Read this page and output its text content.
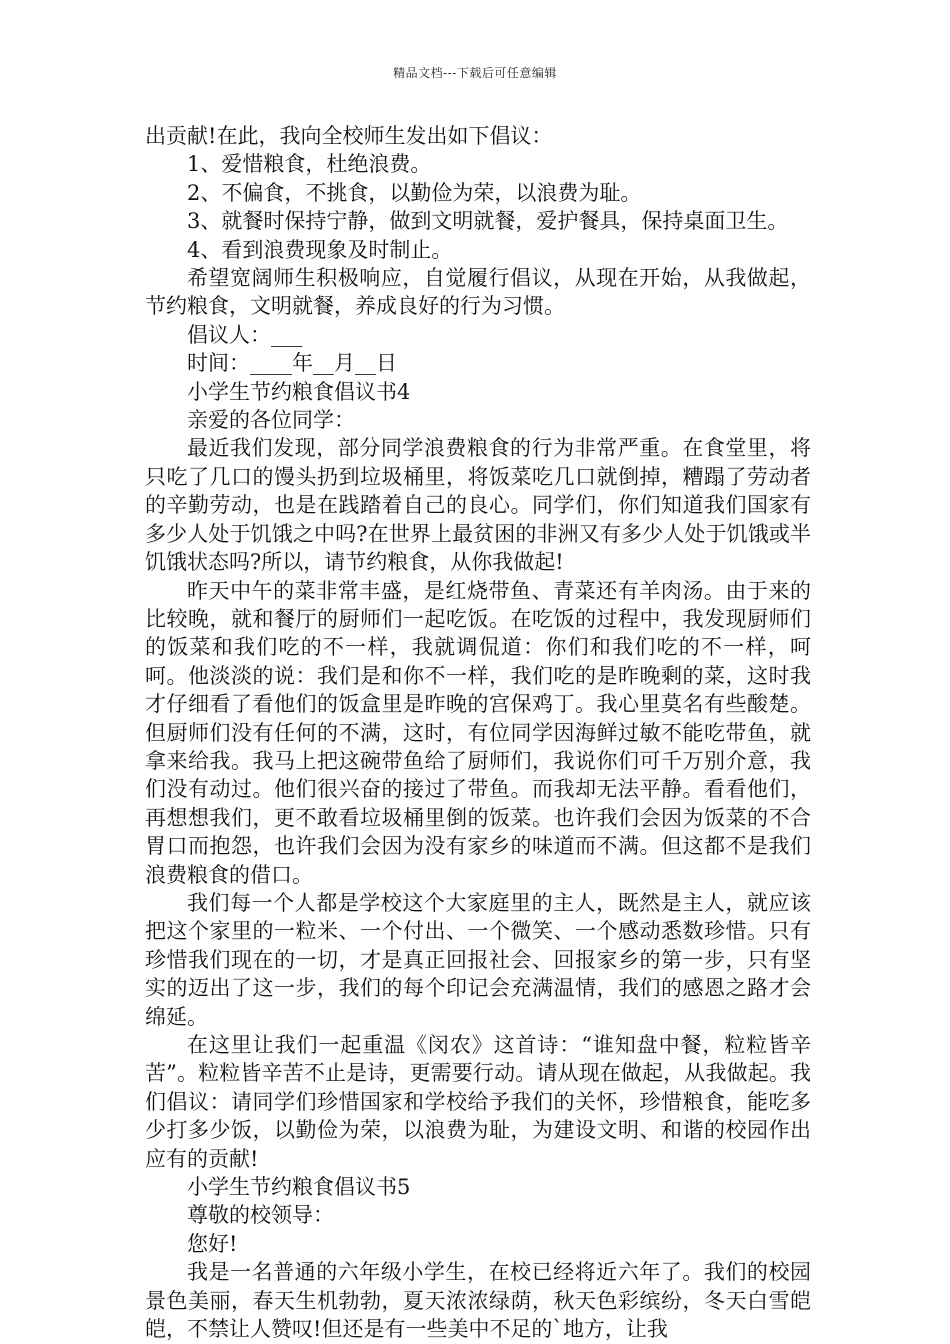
精品文档---下载后可任意编辑

出贡献!在此，我向全校师生发出如下倡议：

1、爱惜粮食，杜绝浪费。

2、不偏食，不挑食，以勤俭为荣，以浪费为耻。

3、就餐时保持宁静，做到文明就餐，爱护餐具，保持桌面卫生。

4、看到浪费现象及时制止。

希望宽阔师生积极响应，自觉履行倡议，从现在开始，从我做起，节约粮食，文明就餐，养成良好的行为习惯。

倡议人：___

时间：____年__月__日

小学生节约粮食倡议书4

亲爱的各位同学：

最近我们发现，部分同学浪费粮食的行为非常严重。在食堂里，将只吃了几口的馒头扔到垃圾桶里，将饭菜吃几口就倒掉，糟蹋了劳动者的辛勤劳动，也是在践踏着自己的良心。同学们，你们知道我们国家有多少人处于饥饿之中吗?在世界上最贫困的非洲又有多少人处于饥饿或半饥饿状态吗?所以，请节约粮食，从你我做起!

昨天中午的菜非常丰盛，是红烧带鱼、青菜还有羊肉汤。由于来的比较晚，就和餐厅的厨师们一起吃饭。在吃饭的过程中，我发现厨师们的饭菜和我们吃的不一样，我就调侃道：你们和我们吃的不一样，呵呵。他淡淡的说：我们是和你不一样，我们吃的是昨晚剩的菜，这时我才仔细看了看他们的饭盒里是昨晚的宫保鸡丁。我心里莫名有些酸楚。但厨师们没有任何的不满，这时，有位同学因海鲜过敏不能吃带鱼，就拿来给我。我马上把这碗带鱼给了厨师们，我说你们可千万别介意，我们没有动过。他们很兴奋的接过了带鱼。而我却无法平静。看看他们，再想想我们，更不敢看垃圾桶里倒的饭菜。也许我们会因为饭菜的不合胃口而抱怨，也许我们会因为没有家乡的味道而不满。但这都不是我们浪费粮食的借口。

我们每一个人都是学校这个大家庭里的主人，既然是主人，就应该把这个家里的一粒米、一个付出、一个微笑、一个感动悉数珍惜。只有珍惜我们现在的一切，才是真正回报社会、回报家乡的第一步，只有坚实的迈出了这一步，我们的每个印记会充满温情，我们的感恩之路才会绵延。

在这里让我们一起重温《闵农》这首诗：“谁知盘中餐，粒粒皆辛苦”。粒粒皆辛苦不止是诗，更需要行动。请从现在做起，从我做起。我们倡议：请同学们珍惜国家和学校给予我们的关怀，珍惜粮食，能吃多少打多少饭，以勤俭为荣，以浪费为耻，为建设文明、和谐的校园作出应有的贡献!

小学生节约粮食倡议书5

尊敬的校领导：

您好!

我是一名普通的六年级小学生，在校已经将近六年了。我们的校园景色美丽，春天生机勃勃，夏天浓浓绿荫，秋天色彩缤纷，冬天白雪皑皑，不禁让人赞叹!但还是有一些美中不足的`地方，让我
